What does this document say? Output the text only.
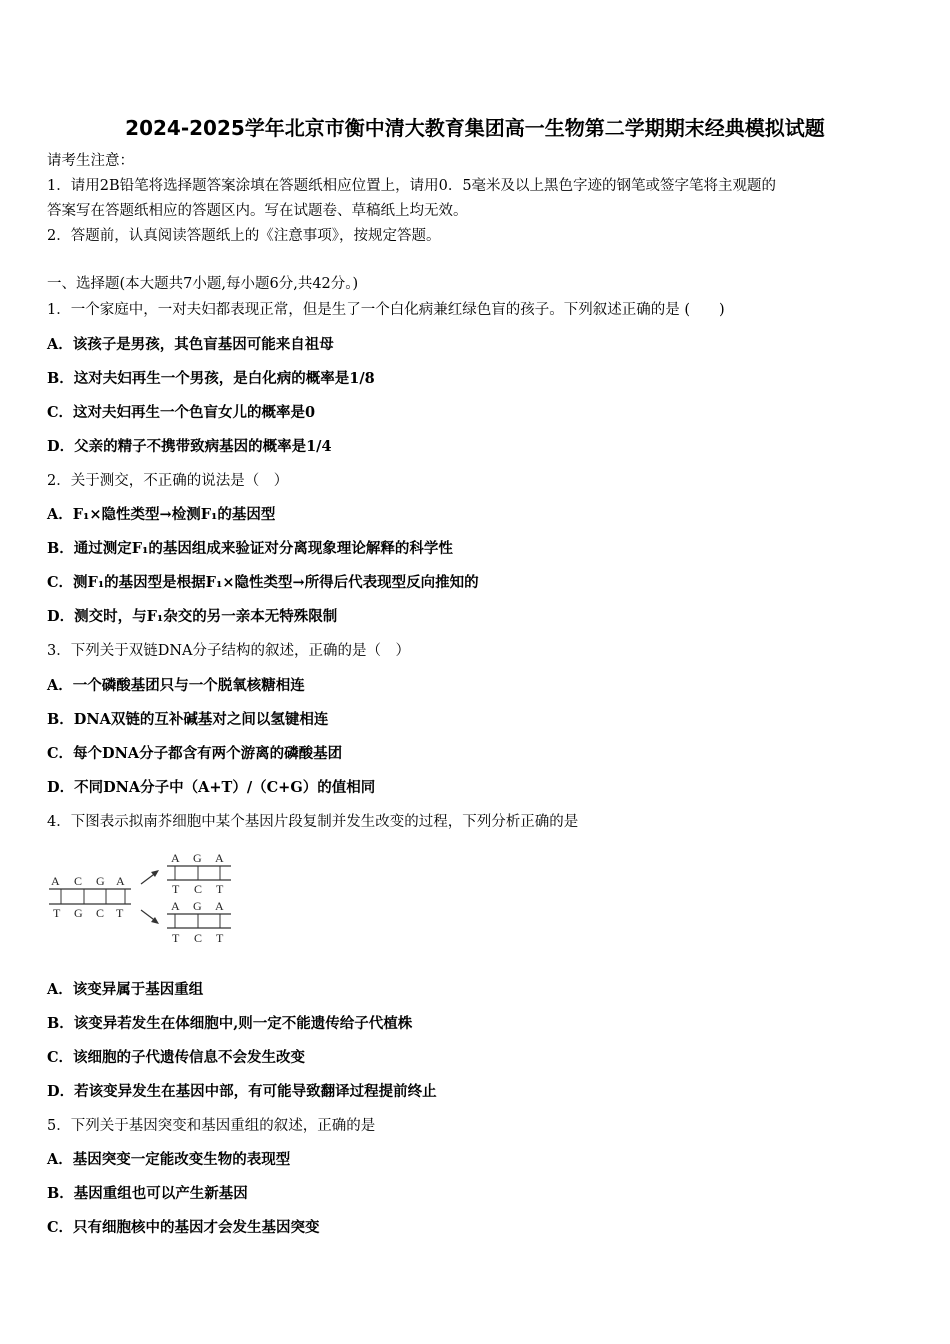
2024-2025学年北京市衡中清大教育集团高一生物第二学期期末经典模拟试题
请考生注意：
1．请用2B铅笔将选择题答案涂填在答题纸相应位置上，请用0．5毫米及以上黑色字迹的钢笔或签字笔将主观题的
答案写在答题纸相应的答题区内。写在试题卷、草稿纸上均无效。
2．答题前，认真阅读答题纸上的《注意事项》，按规定答题。
一、选择题(本大题共7小题,每小题6分,共42分。)
1．一个家庭中，一对夫妇都表现正常，但是生了一个白化病兼红绿色盲的孩子。下列叙述正确的是 (　　)
A．该孩子是男孩，其色盲基因可能来自祖母
B．这对夫妇再生一个男孩，是白化病的概率是1/8
C．这对夫妇再生一个色盲女儿的概率是0
D．父亲的精子不携带致病基因的概率是1/4
2．关于测交，不正确的说法是（　）
A．F₁×隐性类型→检测F₁的基因型
B．通过测定F₁的基因组成来验证对分离现象理论解释的科学性
C．测F₁的基因型是根据F₁×隐性类型→所得后代表现型反向推知的
D．测交时，与F₁杂交的另一亲本无特殊限制
3．下列关于双链DNA分子结构的叙述，正确的是（　）
A．一个磷酸基团只与一个脱氧核糖相连
B．DNA双链的互补碱基对之间以氢键相连
C．每个DNA分子都含有两个游离的磷酸基团
D．不同DNA分子中（A+T）/（C+G）的值相同
4．下图表示拟南芥细胞中某个基因片段复制并发生改变的过程，下列分析正确的是
A C G A
T G C T
A G A
T C T
A G A
T C T
A．该变异属于基因重组
B．该变异若发生在体细胞中,则一定不能遗传给子代植株
C．该细胞的子代遗传信息不会发生改变
D．若该变异发生在基因中部，有可能导致翻译过程提前终止
5．下列关于基因突变和基因重组的叙述，正确的是
A．基因突变一定能改变生物的表现型
B．基因重组也可以产生新基因
C．只有细胞核中的基因才会发生基因突变
